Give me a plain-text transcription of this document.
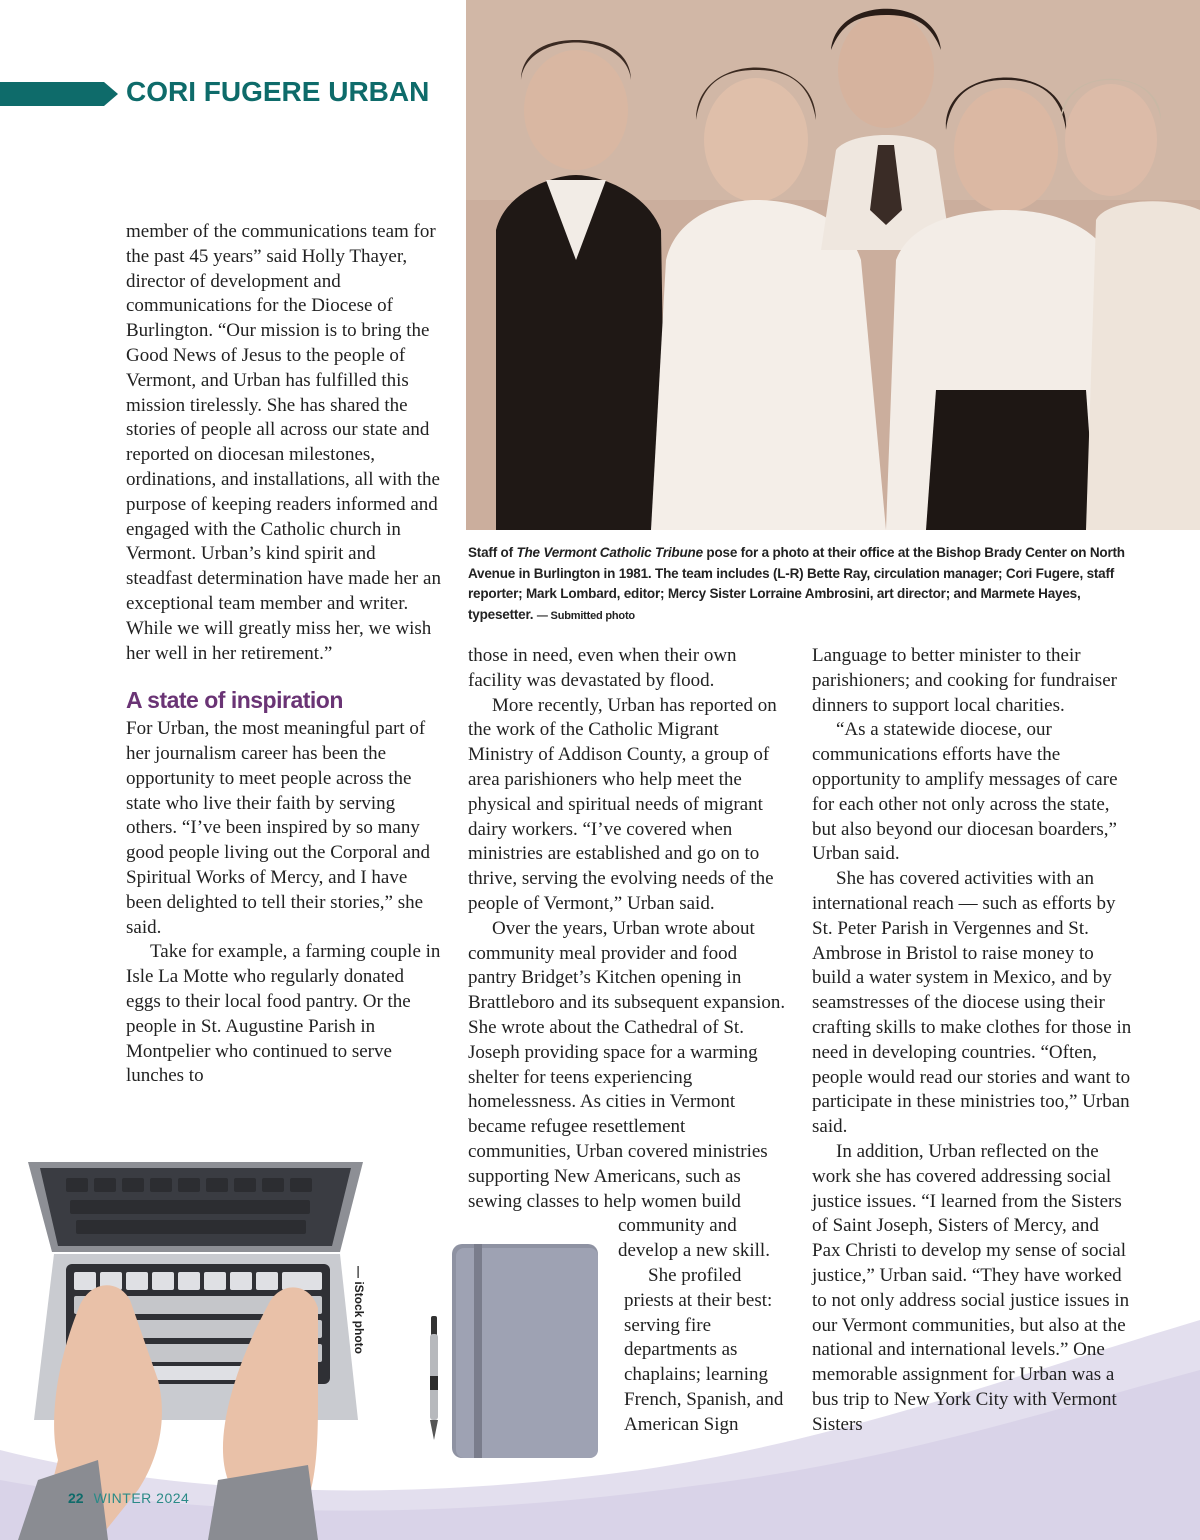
CORI FUGERE URBAN
Staff of The Vermont Catholic Tribune pose for a photo at their office at the Bishop Brady Center on North Avenue in Burlington in 1981. The team includes (L-R) Bette Ray, circulation manager; Cori Fugere, staff reporter; Mark Lombard, editor; Mercy Sister Lorraine Ambrosini, art director; and Marmete Hayes, typesetter. — Submitted photo

member of the communications team for the past 45 years” said Holly Thayer, director of development and communications for the Diocese of Burlington. “Our mission is to bring the Good News of Jesus to the people of Vermont, and Urban has fulfilled this mission tirelessly. She has shared the stories of people all across our state and reported on diocesan milestones, ordinations, and installations, all with the purpose of keeping readers informed and engaged with the Catholic church in Vermont. Urban’s kind spirit and steadfast determination have made her an exceptional team member and writer. While we will greatly miss her, we wish her well in her retirement.”

A state of inspiration

For Urban, the most meaningful part of her journalism career has been the opportunity to meet people across the state who live their faith by serving others. “I’ve been inspired by so many good people living out the Corporal and Spiritual Works of Mercy, and I have been delighted to tell their stories,” she said.

Take for example, a farming couple in Isle La Motte who regularly donated eggs to their local food pantry. Or the people in St. Augustine Parish in Montpelier who continued to serve lunches to

those in need, even when their own facility was devastated by flood.

More recently, Urban has reported on the work of the Catholic Migrant Ministry of Addison County, a group of area parishioners who help meet the physical and spiritual needs of migrant dairy workers. “I’ve covered when ministries are established and go on to thrive, serving the evolving needs of the people of Vermont,” Urban said.

Over the years, Urban wrote about community meal provider and food pantry Bridget’s Kitchen opening in Brattleboro and its subsequent expansion. She wrote about the Cathedral of St. Joseph providing space for a warming shelter for teens experiencing homelessness. As cities in Vermont became refugee resettlement communities, Urban covered ministries supporting New Americans, such as sewing classes to help women build

community and develop a new skill.

She profiled priests at their best: serving fire departments as chaplains; learning French, Spanish, and American Sign

Language to better minister to their parishioners; and cooking for fundraiser dinners to support local charities.

“As a statewide diocese, our communications efforts have the opportunity to amplify messages of care for each other not only across the state, but also beyond our diocesan boarders,” Urban said.

She has covered activities with an international reach — such as efforts by St. Peter Parish in Vergennes and St. Ambrose in Bristol to raise money to build a water system in Mexico, and by seamstresses of the diocese using their crafting skills to make clothes for those in need in developing countries. “Often, people would read our stories and want to participate in these ministries too,” Urban said.

In addition, Urban reflected on the work she has covered addressing social justice issues. “I learned from the Sisters of Saint Joseph, Sisters of Mercy, and Pax Christi to develop my sense of social justice,” Urban said. “They have worked to not only address social justice issues in our Vermont communities, but also at the national and international levels.” One memorable assignment for Urban was a bus trip to New York City with Vermont Sisters

— iStock photo
22 WINTER 2024
